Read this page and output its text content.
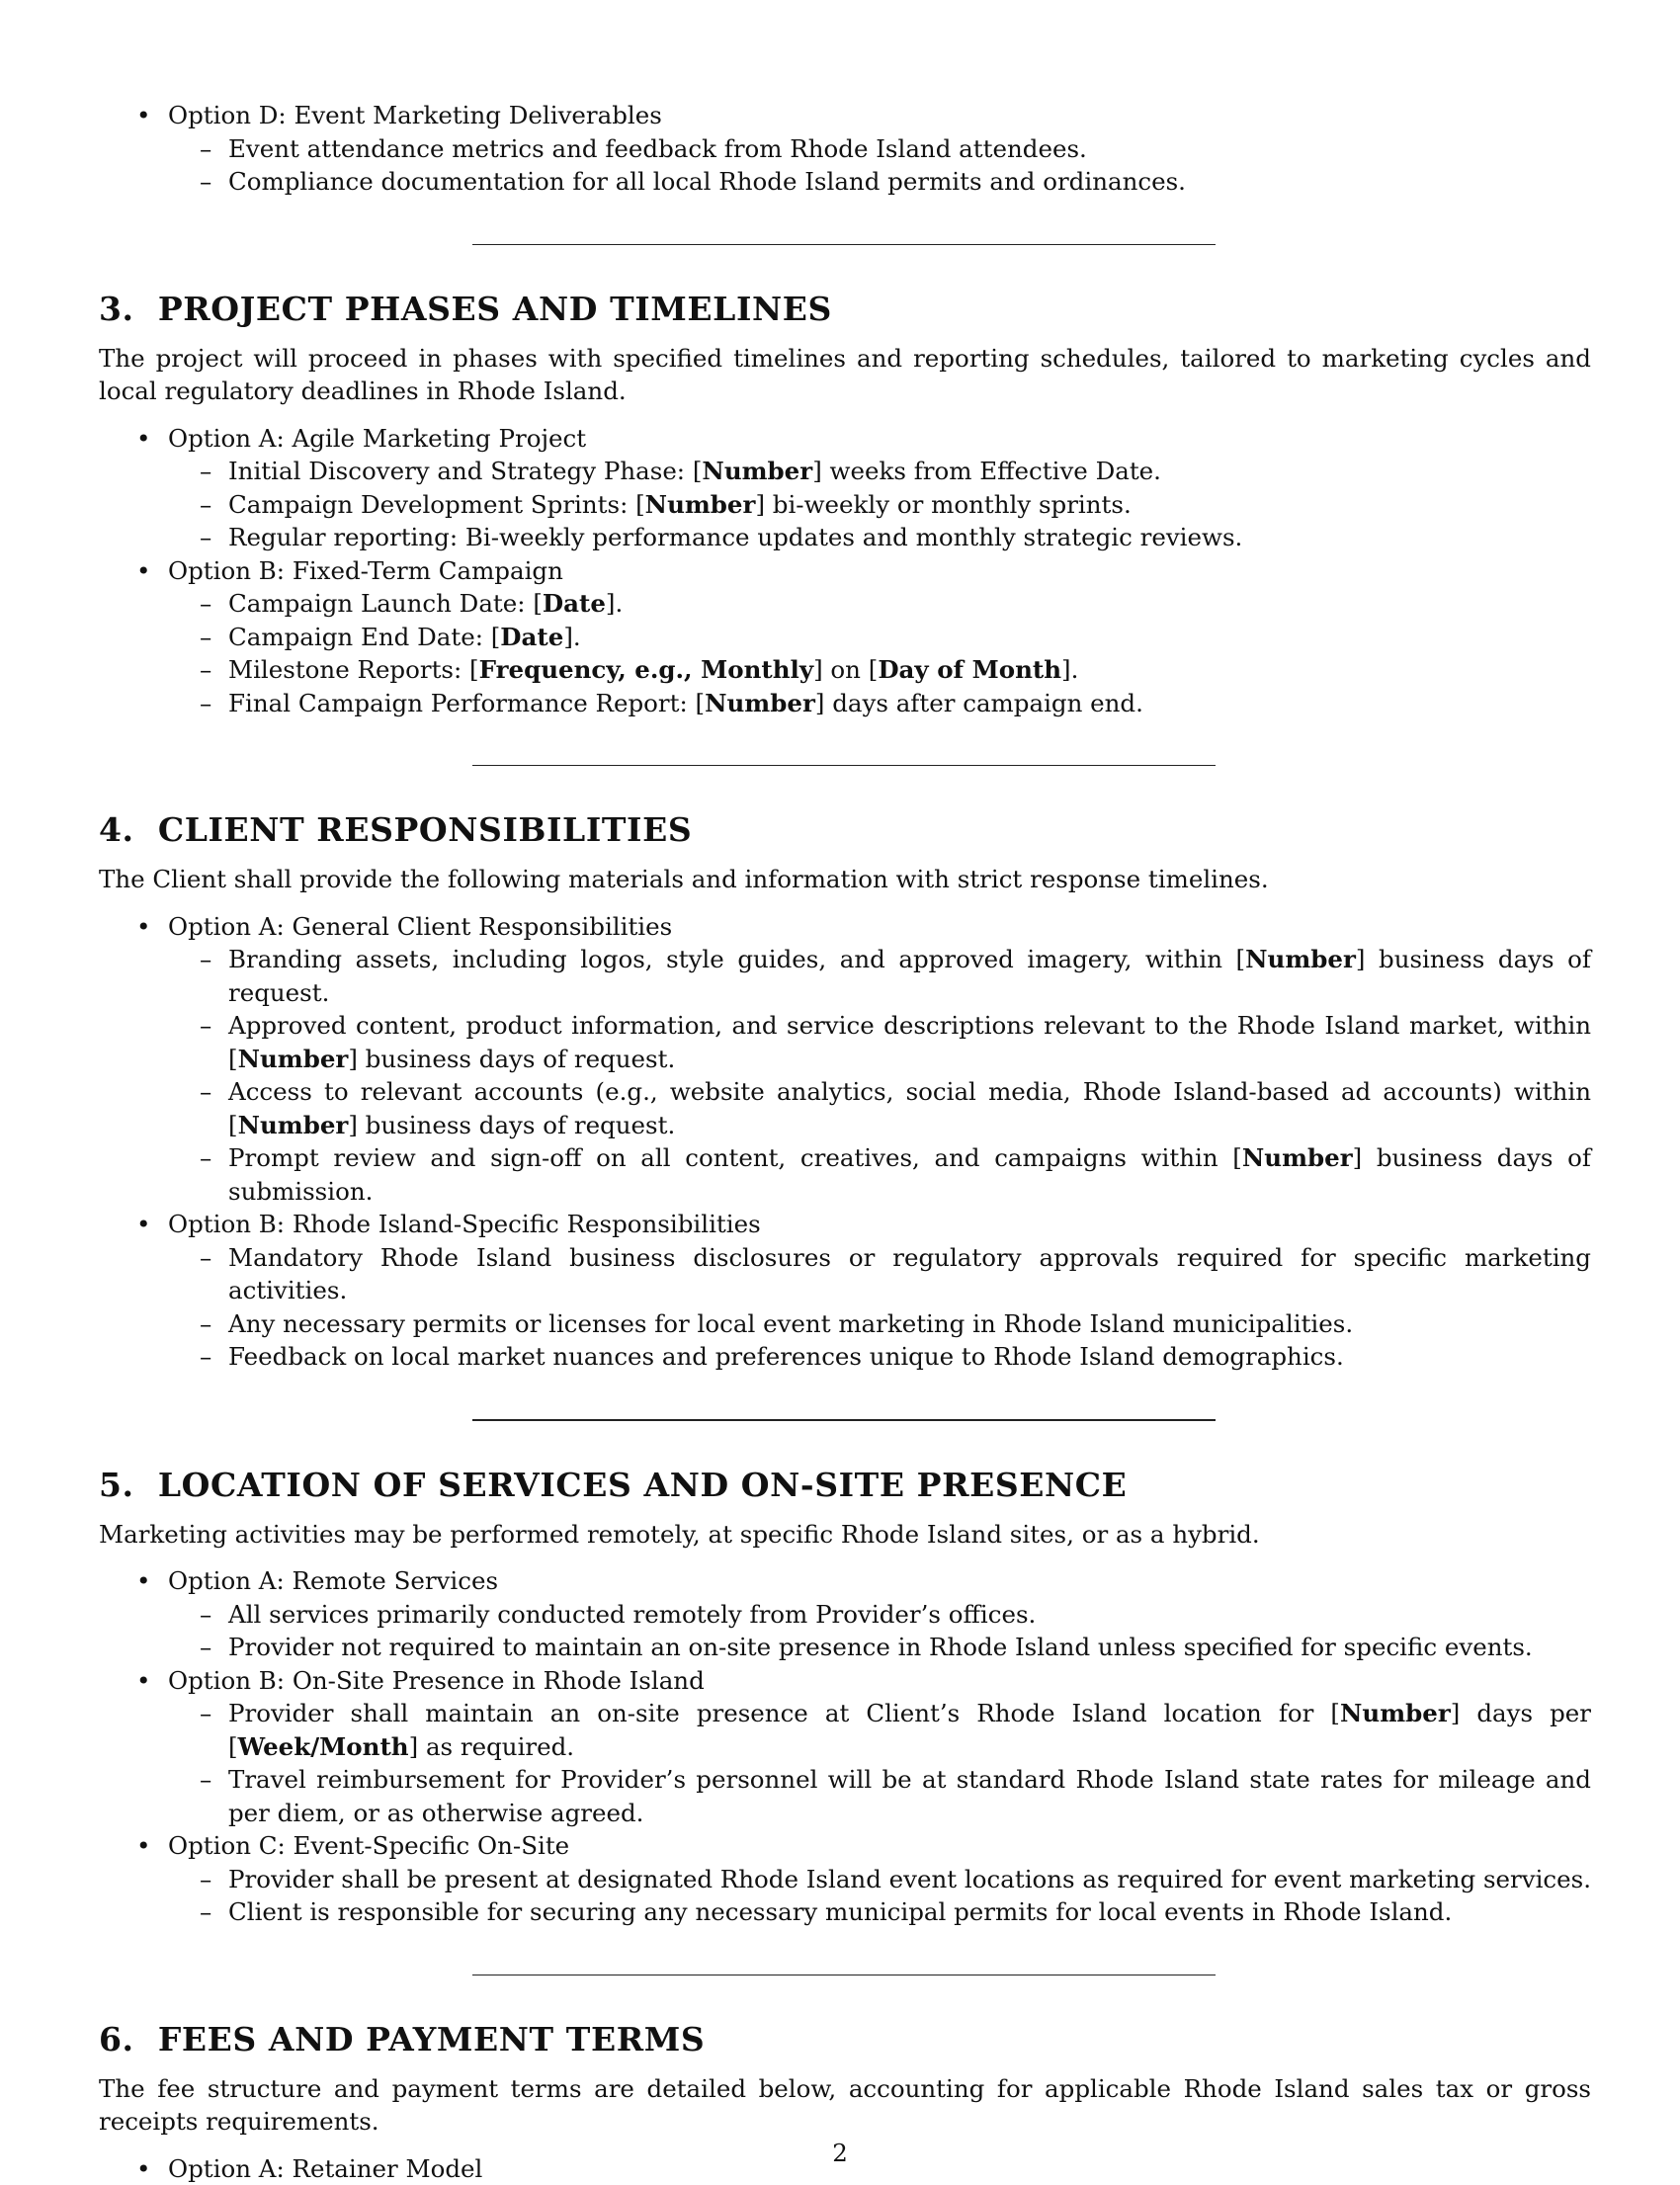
• Option D: Event Marketing Deliverables
– Event attendance metrics and feedback from Rhode Island attendees.
– Compliance documentation for all local Rhode Island permits and ordinances.
3. PROJECT PHASES AND TIMELINES

The project will proceed in phases with specified timelines and reporting schedules, tailored to marketing cycles and local regulatory deadlines in Rhode Island.

• Option A: Agile Marketing Project
– Initial Discovery and Strategy Phase: [Number] weeks from Effective Date.
– Campaign Development Sprints: [Number] bi-weekly or monthly sprints.
– Regular reporting: Bi-weekly performance updates and monthly strategic reviews.
• Option B: Fixed-Term Campaign
– Campaign Launch Date: [Date].
– Campaign End Date: [Date].
– Milestone Reports: [Frequency, e.g., Monthly] on [Day of Month].
– Final Campaign Performance Report: [Number] days after campaign end.
4. CLIENT RESPONSIBILITIES

The Client shall provide the following materials and information with strict response timelines.

• Option A: General Client Responsibilities
– Branding assets, including logos, style guides, and approved imagery, within [Number] business days of request.
– Approved content, product information, and service descriptions relevant to the Rhode Island market, within [Number] business days of request.
– Access to relevant accounts (e.g., website analytics, social media, Rhode Island-based ad accounts) within [Number] business days of request.
– Prompt review and sign-off on all content, creatives, and campaigns within [Number] business days of submission.
• Option B: Rhode Island-Specific Responsibilities
– Mandatory Rhode Island business disclosures or regulatory approvals required for specific marketing activities.
– Any necessary permits or licenses for local event marketing in Rhode Island municipalities.
– Feedback on local market nuances and preferences unique to Rhode Island demographics.
5. LOCATION OF SERVICES AND ON-SITE PRESENCE

Marketing activities may be performed remotely, at specific Rhode Island sites, or as a hybrid.

• Option A: Remote Services
– All services primarily conducted remotely from Provider’s offices.
– Provider not required to maintain an on-site presence in Rhode Island unless specified for specific events.
• Option B: On-Site Presence in Rhode Island
– Provider shall maintain an on-site presence at Client’s Rhode Island location for [Number] days per [Week/Month] as required.
– Travel reimbursement for Provider’s personnel will be at standard Rhode Island state rates for mileage and per diem, or as otherwise agreed.
• Option C: Event-Specific On-Site
– Provider shall be present at designated Rhode Island event locations as required for event marketing services.
– Client is responsible for securing any necessary municipal permits for local events in Rhode Island.
6. FEES AND PAYMENT TERMS

The fee structure and payment terms are detailed below, accounting for applicable Rhode Island sales tax or gross receipts requirements.

• Option A: Retainer Model
2
